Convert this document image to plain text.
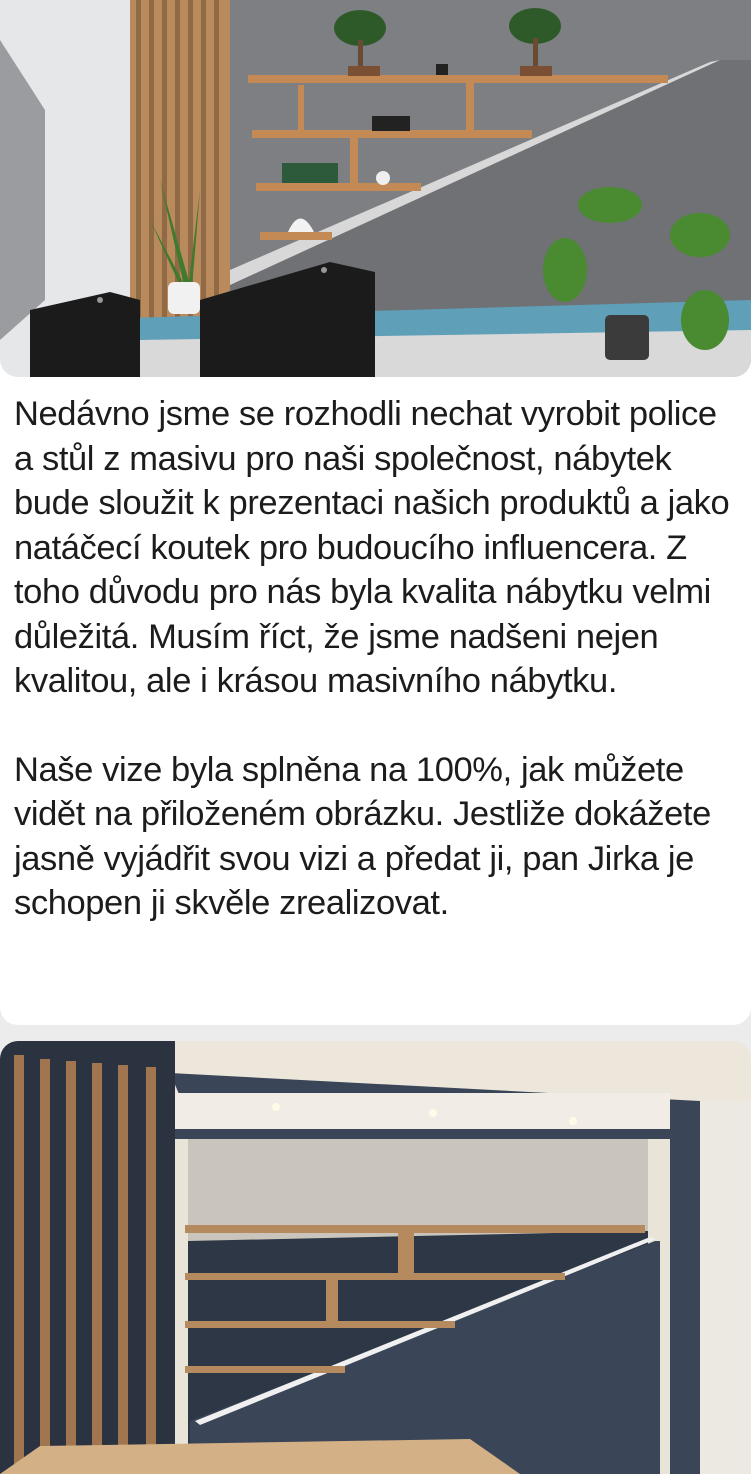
Nedávno jsme se rozhodli nechat vyrobit police a stůl z masivu pro naši společnost, nábytek bude sloužit k prezentaci našich produktů a jako natáčecí koutek pro budoucího influencera. Z toho důvodu pro nás byla kvalita nábytku velmi důležitá. Musím říct, že jsme nadšeni nejen kvalitou, ale i krásou masivního nábytku.

Naše vize byla splněna na 100%, jak můžete vidět na přiloženém obrázku. Jestliže dokážete jasně vyjádřit svou vizi a předat ji, pan Jirka je schopen ji skvěle zrealizovat.
